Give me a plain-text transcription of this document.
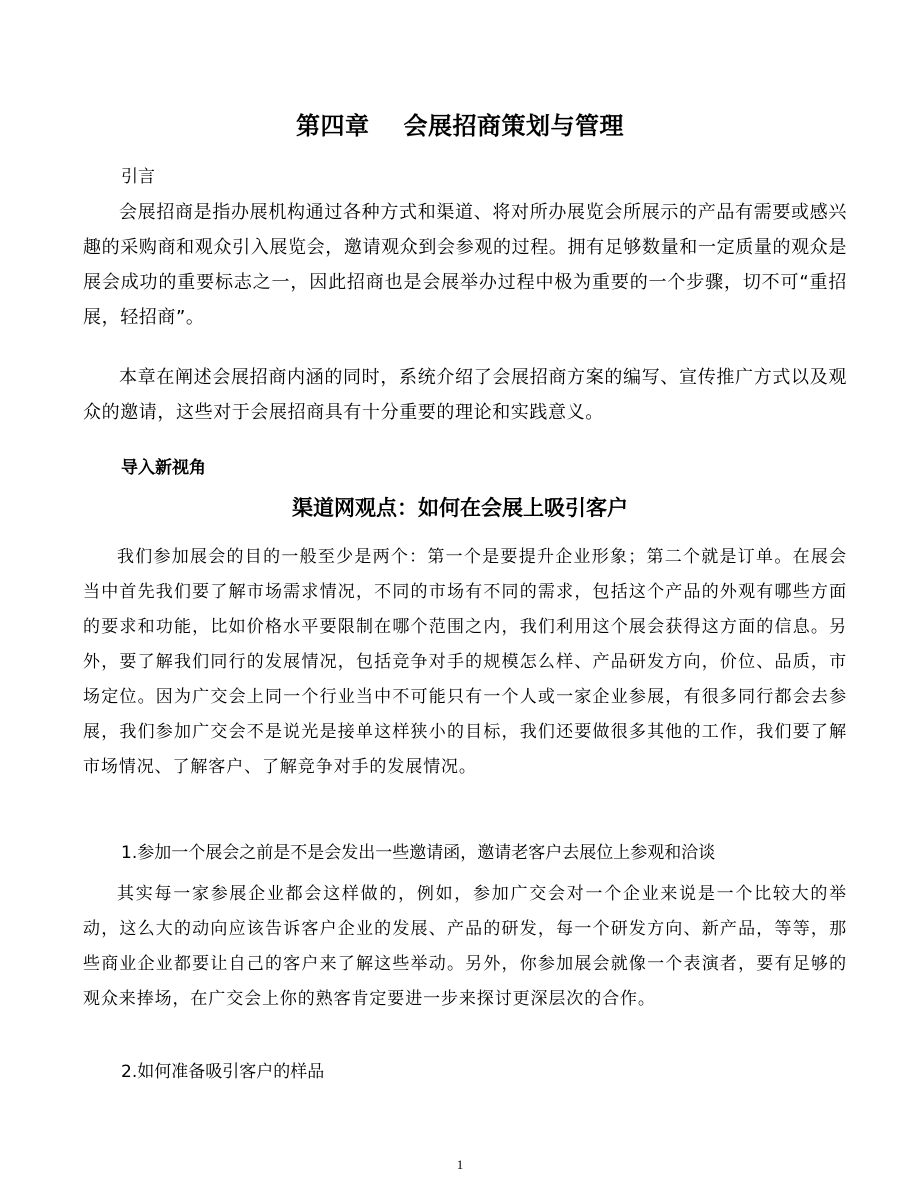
第四章 会展招商策划与管理
引言

会展招商是指办展机构通过各种方式和渠道、将对所办展览会所展示的产品有需要或感兴趣的采购商和观众引入展览会，邀请观众到会参观的过程。拥有足够数量和一定质量的观众是展会成功的重要标志之一，因此招商也是会展举办过程中极为重要的一个步骤，切不可“重招展，轻招商”。

本章在阐述会展招商内涵的同时，系统介绍了会展招商方案的编写、宣传推广方式以及观众的邀请，这些对于会展招商具有十分重要的理论和实践意义。

导入新视角
渠道网观点：如何在会展上吸引客户

我们参加展会的目的一般至少是两个：第一个是要提升企业形象；第二个就是订单。在展会当中首先我们要了解市场需求情况，不同的市场有不同的需求，包括这个产品的外观有哪些方面的要求和功能，比如价格水平要限制在哪个范围之内，我们利用这个展会获得这方面的信息。另外，要了解我们同行的发展情况，包括竞争对手的规模怎么样、产品研发方向，价位、品质，市场定位。因为广交会上同一个行业当中不可能只有一个人或一家企业参展，有很多同行都会去参展，我们参加广交会不是说光是接单这样狭小的目标，我们还要做很多其他的工作，我们要了解市场情况、了解客户、了解竞争对手的发展情况。

1.参加一个展会之前是不是会发出一些邀请函，邀请老客户去展位上参观和洽谈

其实每一家参展企业都会这样做的，例如，参加广交会对一个企业来说是一个比较大的举动，这么大的动向应该告诉客户企业的发展、产品的研发，每一个研发方向、新产品，等等，那些商业企业都要让自己的客户来了解这些举动。另外，你参加展会就像一个表演者，要有足够的观众来捧场，在广交会上你的熟客肯定要进一步来探讨更深层次的合作。

2.如何准备吸引客户的样品
1
